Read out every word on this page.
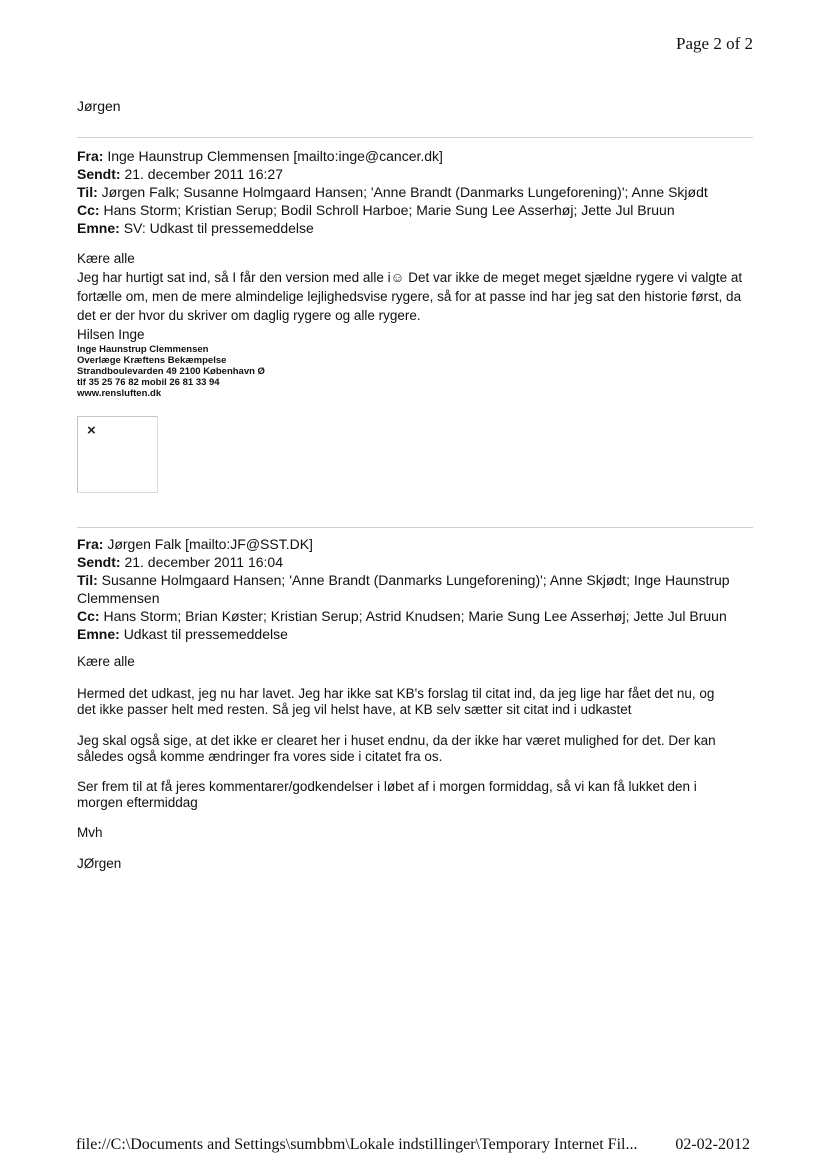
Page 2 of 2
Jørgen
Fra: Inge Haunstrup Clemmensen [mailto:inge@cancer.dk]
Sendt: 21. december 2011 16:27
Til: Jørgen Falk; Susanne Holmgaard Hansen; 'Anne Brandt (Danmarks Lungeforening)'; Anne Skjødt
Cc: Hans Storm; Kristian Serup; Bodil Schroll Harboe; Marie Sung Lee Asserhøj; Jette Jul Bruun
Emne: SV: Udkast til pressemeddelse

Kære alle

Jeg har hurtigt sat ind, så I får den version med alle i☺ Det var ikke de meget meget sjældne rygere vi valgte at fortælle om, men de mere almindelige lejlighedsvise rygere, så for at passe ind har jeg sat den historie først, da det er der hvor du skriver om daglig rygere og alle rygere.

Hilsen Inge

Inge Haunstrup Clemmensen
Overlæge Kræftens Bekæmpelse
Strandboulevarden 49 2100 København Ø
tlf 35 25 76 82 mobil 26 81 33 94
www.rensluften.dk
×
Fra: Jørgen Falk [mailto:JF@SST.DK]
Sendt: 21. december 2011 16:04
Til: Susanne Holmgaard Hansen; 'Anne Brandt (Danmarks Lungeforening)'; Anne Skjødt; Inge Haunstrup
Clemmensen
Cc: Hans Storm; Brian Køster; Kristian Serup; Astrid Knudsen; Marie Sung Lee Asserhøj; Jette Jul Bruun
Emne: Udkast til pressemeddelse
Kære alle
Hermed det udkast, jeg nu har lavet. Jeg har ikke sat KB's forslag til citat ind, da jeg lige har fået det nu, og
det ikke passer helt med resten. Så jeg vil helst have, at KB selv sætter sit citat ind i udkastet
Jeg skal også sige, at det ikke er clearet her i huset endnu, da der ikke har været mulighed for det. Der kan
således også komme ændringer fra vores side i citatet fra os.
Ser frem til at få jeres kommentarer/godkendelser i løbet af i morgen formiddag, så vi kan få lukket den i
morgen eftermiddag
Mvh
JØrgen
file://C:\Documents and Settings\sumbbm\Lokale indstillinger\Temporary Internet Fil... 02-02-2012
